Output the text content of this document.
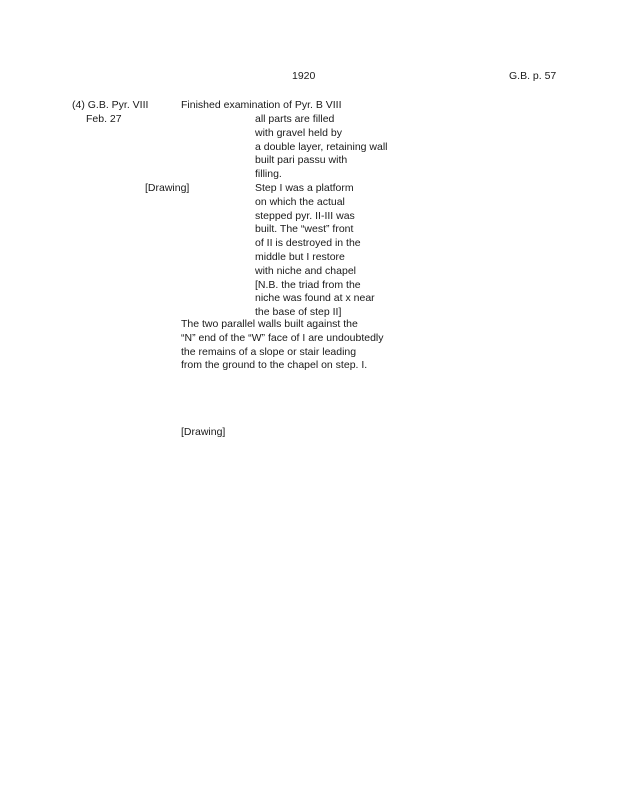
1920	G.B. p. 57
(4) G.B. Pyr. VIII
Feb. 27
Finished examination of Pyr. B VIII
all parts are filled
with gravel held by
a double layer, retaining wall
built pari passu with
filling.
[Drawing]	Step I was a platform
on which the actual
stepped pyr. II-III was
built. The “west” front
of II is destroyed in the
middle but I restore
with niche and chapel
[N.B. the triad from the
niche was found at x near
the base of step II]
The two parallel walls built against the
“N” end of the “W” face of I are undoubtedly
the remains of a slope or stair leading
from the ground to the chapel on step. I.
[Drawing]
